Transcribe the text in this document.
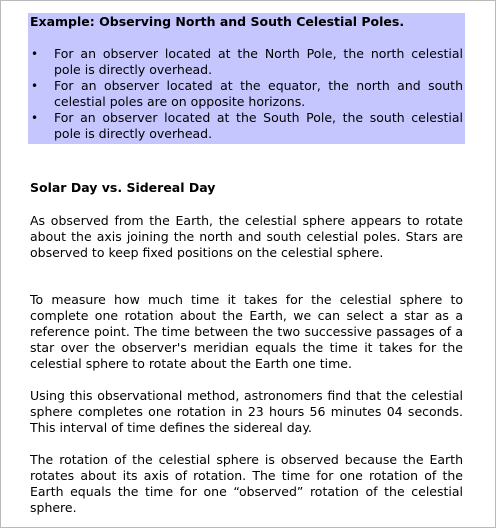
Example: Observing North and South Celestial Poles.

• For an observer located at the North Pole, the north celestial pole is directly overhead.
• For an observer located at the equator, the north and south celestial poles are on opposite horizons.
• For an observer located at the South Pole, the south celestial pole is directly overhead.
Solar Day vs. Sidereal Day

As observed from the Earth, the celestial sphere appears to rotate about the axis joining the north and south celestial poles. Stars are observed to keep fixed positions on the celestial sphere.

To measure how much time it takes for the celestial sphere to complete one rotation about the Earth, we can select a star as a reference point. The time between the two successive passages of a star over the observer's meridian equals the time it takes for the celestial sphere to rotate about the Earth one time.

Using this observational method, astronomers find that the celestial sphere completes one rotation in 23 hours 56 minutes 04 seconds. This interval of time defines the sidereal day.

The rotation of the celestial sphere is observed because the Earth rotates about its axis of rotation. The time for one rotation of the Earth equals the time for one “observed” rotation of the celestial sphere.
